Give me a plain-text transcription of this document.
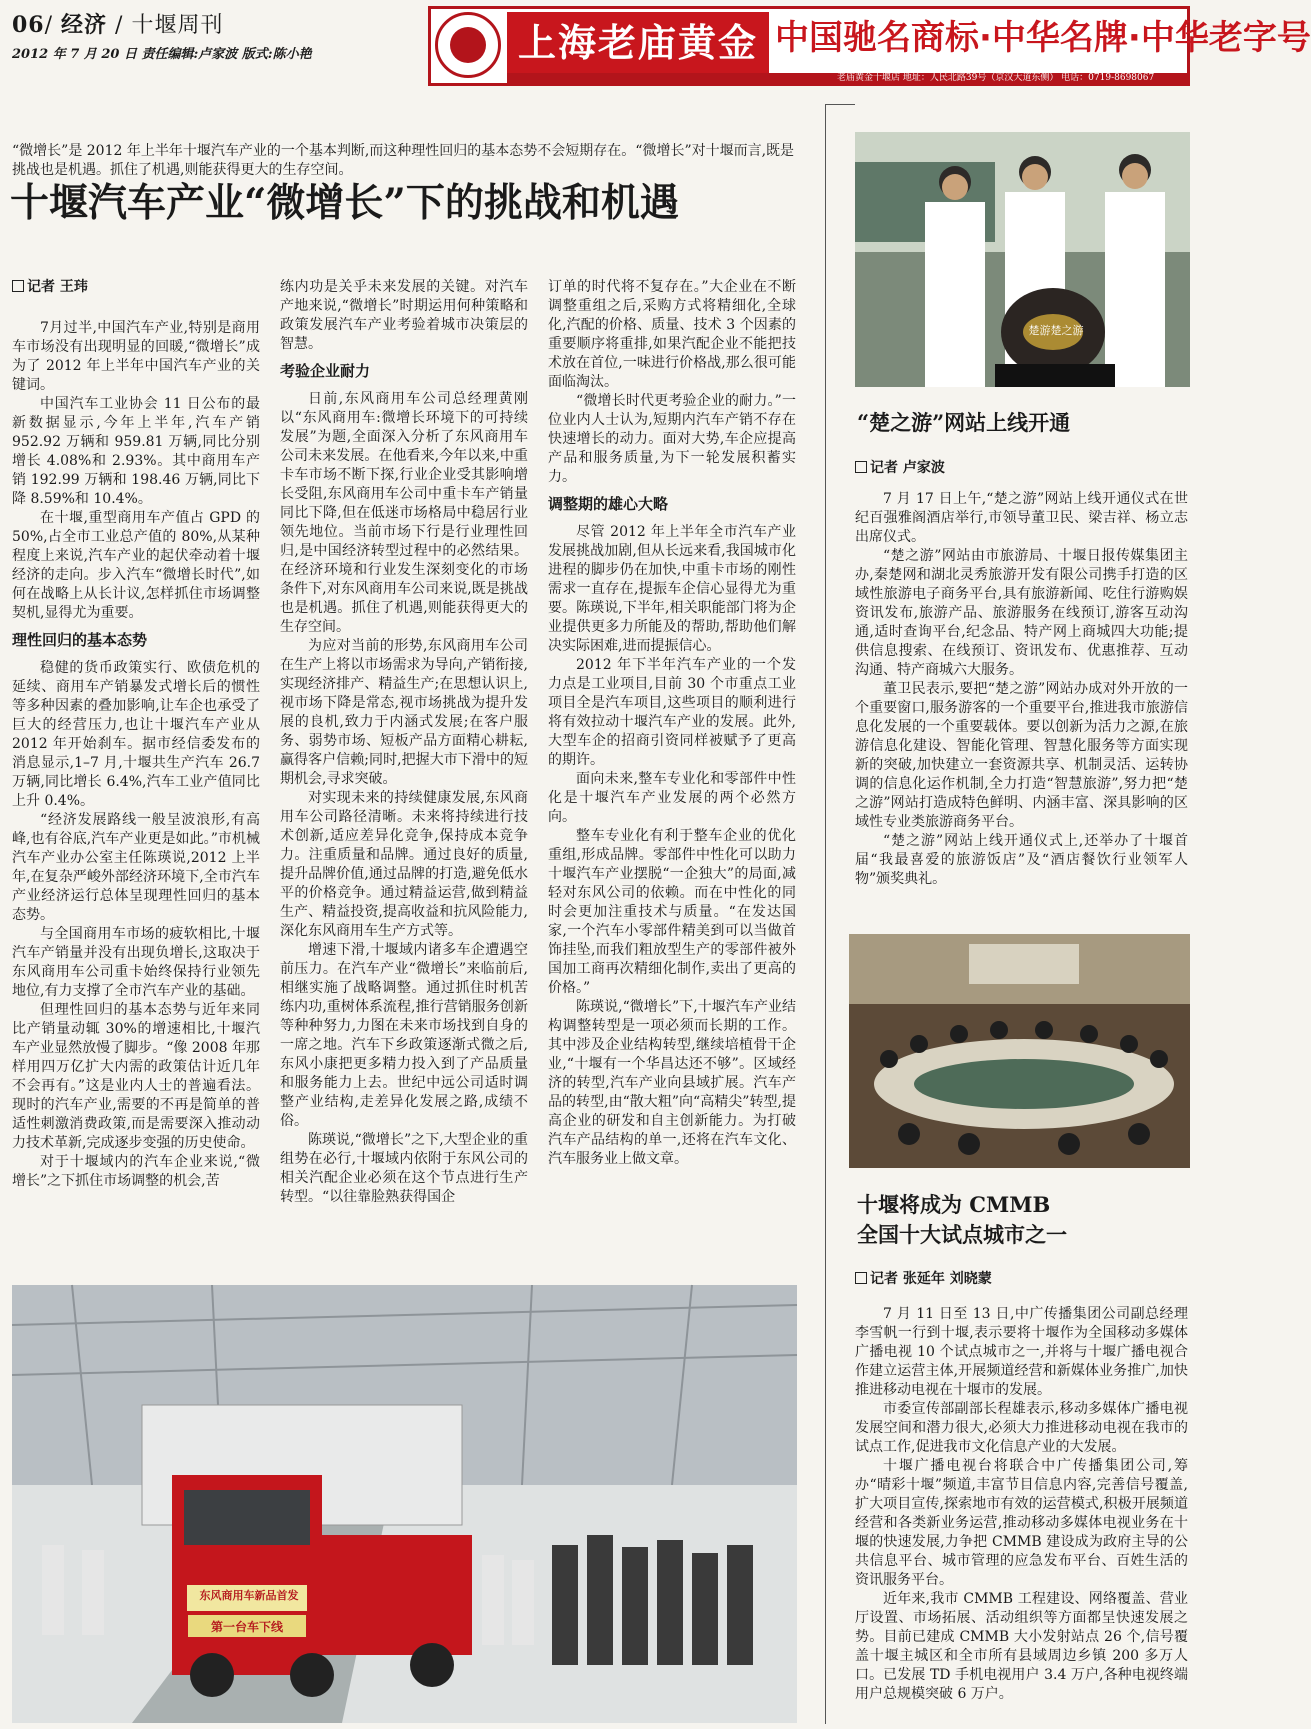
06/ 经济 / 十堰周刊
2012 年 7 月 20 日 责任编辑:卢家波 版式:陈小艳	上海老庙黄金 中国驰名商标·中华名牌·中华老字号
老庙黄金十堰店 地址：人民北路39号（京汉大道东侧） 电话：0719-8698067
“微增长”是 2012 年上半年十堰汽车产业的一个基本判断,而这种理性回归的基本态势不会短期存在。“微增长”对十堰而言,既是挑战也是机遇。抓住了机遇,则能获得更大的生存空间。
十堰汽车产业“微增长”下的挑战和机遇

记者 王玮

7月过半,中国汽车产业,特别是商用车市场没有出现明显的回暖,“微增长”成为了 2012 年上半年中国汽车产业的关键词。

中国汽车工业协会 11 日公布的最新数据显示,今年上半年,汽车产销 952.92 万辆和 959.81 万辆,同比分别增长 4.08%和 2.93%。其中商用车产销 192.99 万辆和 198.46 万辆,同比下降 8.59%和 10.4%。

在十堰,重型商用车产值占 GPD 的 50%,占全市工业总产值的 80%,从某种程度上来说,汽车产业的起伏牵动着十堰经济的走向。步入汽车“微增长时代”,如何在战略上从长计议,怎样抓住市场调整契机,显得尤为重要。

理性回归的基本态势

稳健的货币政策实行、欧债危机的延续、商用车产销暴发式增长后的惯性等多种因素的叠加影响,让车企也承受了巨大的经营压力,也让十堰汽车产业从 2012 年开始刹车。据市经信委发布的消息显示,1–7 月,十堰共生产汽车 26.7 万辆,同比增长 6.4%,汽车工业产值同比上升 0.4%。

“经济发展路线一般呈波浪形,有高峰,也有谷底,汽车产业更是如此。”市机械汽车产业办公室主任陈瑛说,2012 上半年,在复杂严峻外部经济环境下,全市汽车产业经济运行总体呈现理性回归的基本态势。

与全国商用车市场的疲软相比,十堰汽车产销量并没有出现负增长,这取决于东风商用车公司重卡始终保持行业领先地位,有力支撑了全市汽车产业的基础。

但理性回归的基本态势与近年来同比产销量动辄 30%的增速相比,十堰汽车产业显然放慢了脚步。“像 2008 年那样用四万亿扩大内需的政策估计近几年不会再有。”这是业内人士的普遍看法。现时的汽车产业,需要的不再是简单的普适性刺激消费政策,而是需要深入推动动力技术革新,完成逐步变强的历史使命。

对于十堰域内的汽车企业来说,“微增长”之下抓住市场调整的机会,苦

练内功是关乎未来发展的关键。对汽车产地来说,“微增长”时期运用何种策略和政策发展汽车产业考验着城市决策层的智慧。

考验企业耐力

日前,东风商用车公司总经理黄刚以“东风商用车:微增长环境下的可持续发展”为题,全面深入分析了东风商用车公司未来发展。在他看来,今年以来,中重卡车市场不断下探,行业企业受其影响增长受阻,东风商用车公司中重卡车产销量同比下降,但在低迷市场格局中稳居行业领先地位。当前市场下行是行业理性回归,是中国经济转型过程中的必然结果。在经济环境和行业发生深刻变化的市场条件下,对东风商用车公司来说,既是挑战也是机遇。抓住了机遇,则能获得更大的生存空间。

为应对当前的形势,东风商用车公司在生产上将以市场需求为导向,产销衔接,实现经济排产、精益生产;在思想认识上,视市场下降是常态,视市场挑战为提升发展的良机,致力于内涵式发展;在客户服务、弱势市场、短板产品方面精心耕耘,赢得客户信赖;同时,把握大市下滑中的短期机会,寻求突破。

对实现未来的持续健康发展,东风商用车公司路径清晰。未来将持续进行技术创新,适应差异化竞争,保持成本竞争力。注重质量和品牌。通过良好的质量,提升品牌价值,通过品牌的打造,避免低水平的价格竞争。通过精益运营,做到精益生产、精益投资,提高收益和抗风险能力,深化东风商用车生产方式等。

增速下滑,十堰域内诸多车企遭遇空前压力。在汽车产业“微增长”来临前后,相继实施了战略调整。通过抓住时机苦练内功,重树体系流程,推行营销服务创新等种种努力,力图在未来市场找到自身的一席之地。汽车下乡政策逐渐式微之后,东风小康把更多精力投入到了产品质量和服务能力上去。世纪中远公司适时调整产业结构,走差异化发展之路,成绩不俗。

陈瑛说,“微增长”之下,大型企业的重组势在必行,十堰域内依附于东风公司的相关汽配企业必须在这个节点进行生产转型。“以往靠脸熟获得国企

订单的时代将不复存在。”大企业在不断调整重组之后,采购方式将精细化,全球化,汽配的价格、质量、技术 3 个因素的重要顺序将重排,如果汽配企业不能把技术放在首位,一味进行价格战,那么很可能面临淘汰。

“微增长时代更考验企业的耐力。”一位业内人士认为,短期内汽车产销不存在快速增长的动力。面对大势,车企应提高产品和服务质量,为下一轮发展积蓄实力。

调整期的雄心大略

尽管 2012 年上半年全市汽车产业发展挑战加剧,但从长远来看,我国城市化进程的脚步仍在加快,中重卡市场的刚性需求一直存在,提振车企信心显得尤为重要。陈瑛说,下半年,相关职能部门将为企业提供更多力所能及的帮助,帮助他们解决实际困难,进而提振信心。

2012 年下半年汽车产业的一个发力点是工业项目,目前 30 个市重点工业项目全是汽车项目,这些项目的顺利进行将有效拉动十堰汽车产业的发展。此外,大型车企的招商引资同样被赋予了更高的期许。

面向未来,整车专业化和零部件中性化是十堰汽车产业发展的两个必然方向。

整车专业化有利于整车企业的优化重组,形成品牌。零部件中性化可以助力十堰汽车产业摆脱“一企独大”的局面,减轻对东风公司的依赖。而在中性化的同时会更加注重技术与质量。“在发达国家,一个汽车小零部件精美到可以当做首饰挂坠,而我们粗放型生产的零部件被外国加工商再次精细化制作,卖出了更高的价格。”

陈瑛说,“微增长”下,十堰汽车产业结构调整转型是一项必须而长期的工作。其中涉及企业结构转型,继续培植骨干企业,“十堰有一个华昌达还不够”。区域经济的转型,汽车产业向县域扩展。汽车产品的转型,由“散大粗”向“高精尖”转型,提高企业的研发和自主创新能力。为打破汽车产品结构的单一,还将在汽车文化、汽车服务业上做文章。

东风商用车新品首发
第一台车下线
楚游楚之游
“楚之游”网站上线开通
记者 卢家波

7 月 17 日上午,“楚之游”网站上线开通仪式在世纪百强雅阁酒店举行,市领导董卫民、梁吉祥、杨立志出席仪式。

“楚之游”网站由市旅游局、十堰日报传媒集团主办,秦楚网和湖北灵秀旅游开发有限公司携手打造的区域性旅游电子商务平台,具有旅游新闻、吃住行游购娱资讯发布,旅游产品、旅游服务在线预订,游客互动沟通,适时查询平台,纪念品、特产网上商城四大功能;提供信息搜索、在线预订、资讯发布、优惠推荐、互动沟通、特产商城六大服务。

董卫民表示,要把“楚之游”网站办成对外开放的一个重要窗口,服务游客的一个重要平台,推进我市旅游信息化发展的一个重要载体。要以创新为活力之源,在旅游信息化建设、智能化管理、智慧化服务等方面实现新的突破,加快建立一套资源共享、机制灵活、运转协调的信息化运作机制,全力打造“智慧旅游”,努力把“楚之游”网站打造成特色鲜明、内涵丰富、深具影响的区域性专业类旅游商务平台。

“楚之游”网站上线开通仪式上,还举办了十堰首届“我最喜爱的旅游饭店”及“酒店餐饮行业领军人物”颁奖典礼。

十堰将成为 CMMB
全国十大试点城市之一
记者 张延年 刘晓蒙

7 月 11 日至 13 日,中广传播集团公司副总经理李雪帆一行到十堰,表示要将十堰作为全国移动多媒体广播电视 10 个试点城市之一,并将与十堰广播电视合作建立运营主体,开展频道经营和新媒体业务推广,加快推进移动电视在十堰市的发展。

市委宣传部副部长程雄表示,移动多媒体广播电视发展空间和潜力很大,必须大力推进移动电视在我市的试点工作,促进我市文化信息产业的大发展。

十堰广播电视台将联合中广传播集团公司,筹办“晴彩十堰”频道,丰富节目信息内容,完善信号覆盖,扩大项目宣传,探索地市有效的运营模式,积极开展频道经营和各类新业务运营,推动移动多媒体电视业务在十堰的快速发展,力争把 CMMB 建设成为政府主导的公共信息平台、城市管理的应急发布平台、百姓生活的资讯服务平台。

近年来,我市 CMMB 工程建设、网络覆盖、营业厅设置、市场拓展、活动组织等方面都呈快速发展之势。目前已建成 CMMB 大小发射站点 26 个,信号覆盖十堰主城区和全市所有县域周边乡镇 200 多万人口。已发展 TD 手机电视用户 3.4 万户,各种电视终端用户总规模突破 6 万户。
